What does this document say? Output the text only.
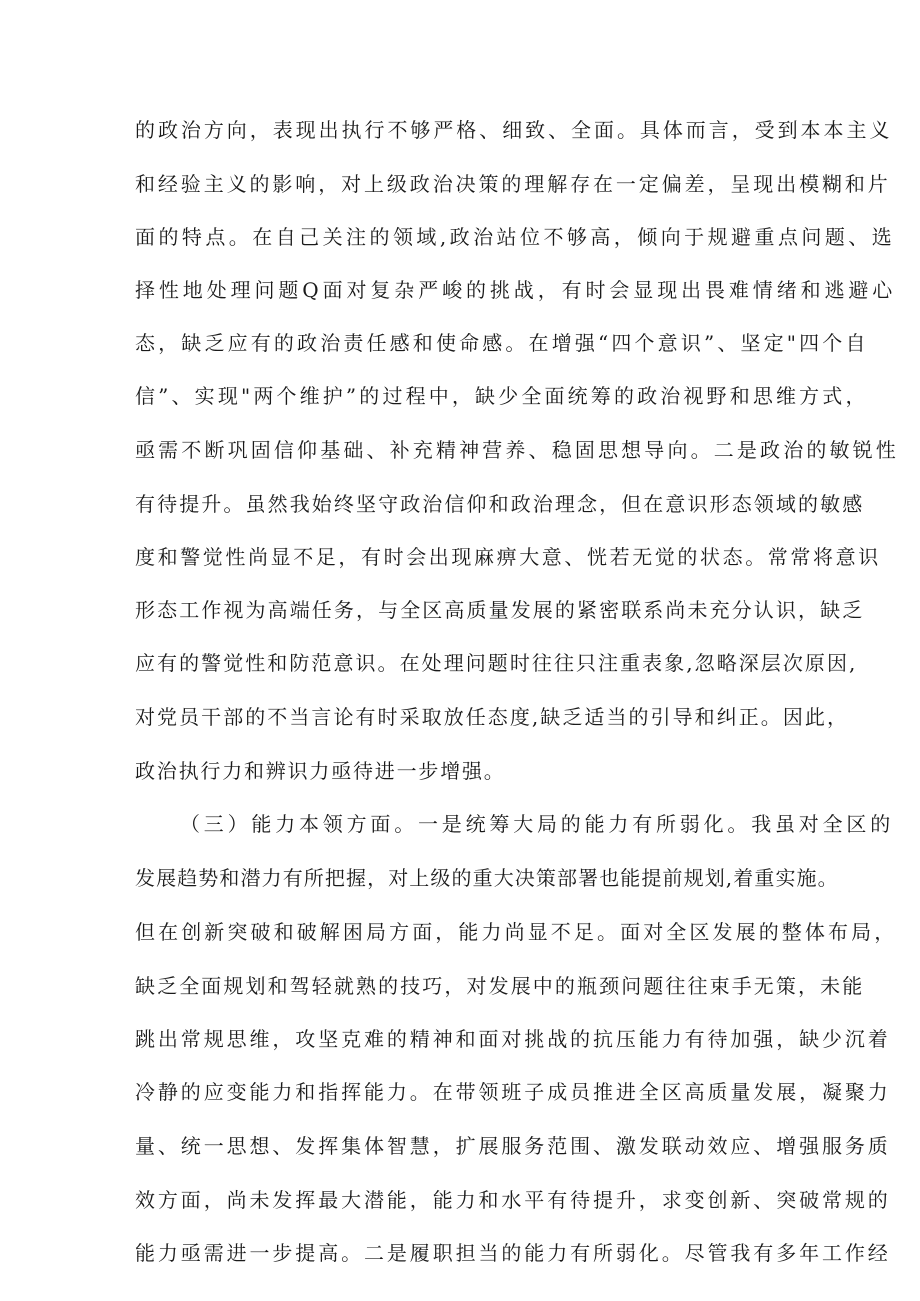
的政治方向，表现出执行不够严格、细致、全面。具体而言，受到本本主义
和经验主义的影响，对上级政治决策的理解存在一定偏差，呈现出模糊和片
面的特点。在自己关注的领域,政治站位不够高，倾向于规避重点问题、选
择性地处理问题Q面对复杂严峻的挑战，有时会显现出畏难情绪和逃避心
态，缺乏应有的政治责任感和使命感。在增强“四个意识”、坚定"四个自
信”、实现"两个维护”的过程中，缺少全面统筹的政治视野和思维方式，
亟需不断巩固信仰基础、补充精神营养、稳固思想导向。二是政治的敏锐性
有待提升。虽然我始终坚守政治信仰和政治理念，但在意识形态领域的敏感
度和警觉性尚显不足，有时会出现麻痹大意、恍若无觉的状态。常常将意识
形态工作视为高端任务，与全区高质量发展的紧密联系尚未充分认识，缺乏
应有的警觉性和防范意识。在处理问题时往往只注重表象,忽略深层次原因,
对党员干部的不当言论有时采取放任态度,缺乏适当的引导和纠正。因此，
政治执行力和辨识力亟待进一步增强。
（三）能力本领方面。一是统筹大局的能力有所弱化。我虽对全区的
发展趋势和潜力有所把握，对上级的重大决策部署也能提前规划,着重实施。
但在创新突破和破解困局方面，能力尚显不足。面对全区发展的整体布局，
缺乏全面规划和驾轻就熟的技巧，对发展中的瓶颈问题往往束手无策，未能
跳出常规思维，攻坚克难的精神和面对挑战的抗压能力有待加强，缺少沉着
冷静的应变能力和指挥能力。在带领班子成员推进全区高质量发展，凝聚力
量、统一思想、发挥集体智慧，扩展服务范围、激发联动效应、增强服务质
效方面，尚未发挥最大潜能，能力和水平有待提升，求变创新、突破常规的
能力亟需进一步提高。二是履职担当的能力有所弱化。尽管我有多年工作经
